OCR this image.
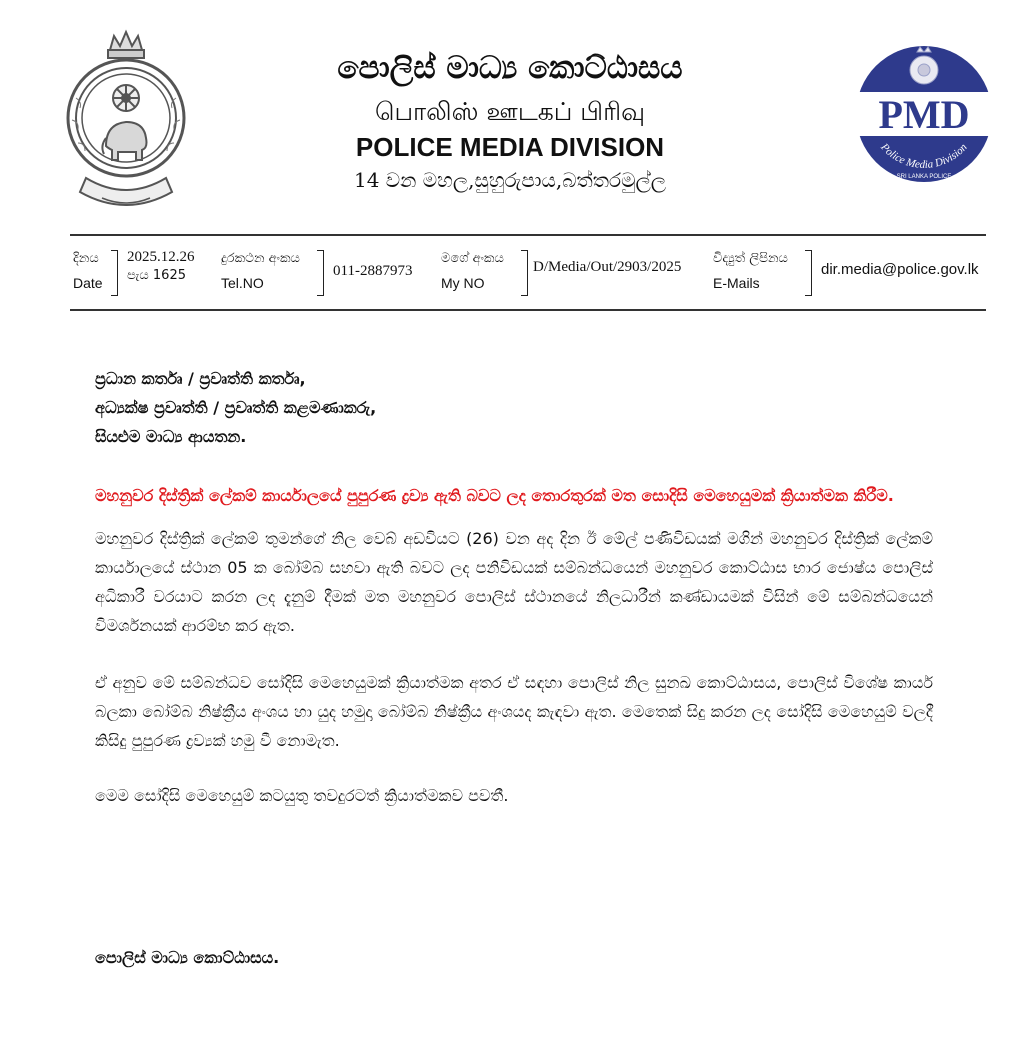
පොලිස් මාධ්‍ය කොට්ඨාසය
பொலிஸ் ஊடகப் பிரிவு
POLICE MEDIA DIVISION
14 වන මහල,සුහුරුපාය,බත්තරමුල්ල
PMD
Police Media Division
SRI LANKA POLICE
දිනය
Date
2025.12.26
පැය 1625
දුරකථන අංකය
Tel.NO
011-2887973
මගේ අංකය
My NO
D/Media/Out/2903/2025
විද්‍යුත් ලිපිනය
E-Mails
dir.media@police.gov.lk
ප්‍රධාන කර්තෘ / ප්‍රවෘත්ති කර්තෘ,
අධ්‍යක්ෂ ප්‍රවෘත්ති / ප්‍රවෘත්ති කළමණාකරු,
සියළුම මාධ්‍ය ආයතන.
මහනුවර දිස්ත්‍රික් ලේකම් කාර්යාලයේ පුපුරණ ද්‍රව්‍ය ඇති බවට ලද තොරතුරක් මත සොදිසි මෙහෙයුමක් ක්‍රියාත්මක කිරීම.
මහනුවර දිස්ත්‍රික් ලේකම් තුමන්ගේ නිල වෙබ් අඩවියට (26) වන අද දින ඊ මේල් පණිවිඩයක් මගින් මහනුවර දිස්ත්‍රික් ලේකම් කාර්යාලයේ ස්ථාන 05 ක බෝම්බ සහවා ඇති බවට ලද පනිවිඩයක් සම්බන්ධයෙන් මහනුවර කොට්ඨාස භාර ජොෂ්ය පොලිස් අධිකාරී වරයාට කරන ලද දැනුම් දීමක් මත මහනුවර පොලිස් ස්ථානයේ නිලධාරීන් කණ්ඩායමක් විසින් මේ සම්බන්ධයෙන් විමර්ශනයක් ආරම්භ කර ඇත.
ඒ අනුව මේ සම්බන්ධව සෝදිසි මෙහෙයුමක් ක්‍රියාත්මක අතර ඒ සඳහා පොලිස් නිල සුනඛ කොට්ඨාසය, පොලිස් විශේෂ කාර්ය බලකා බෝම්බ නිෂ්ක්‍රීය අංශය හා යුද හමුදා බෝම්බ නිෂ්ක්‍රීය අංශයද කැඳවා ඇත. මෙතෙක් සිදු කරන ලද සෝදිසි මෙහෙයුම් වලදී කිසිදු පුපුරණ ද්‍රව්‍යක් හමු වී නොමැත.
මෙම සෝදිසි මෙහෙයුම් කටයුතු තවදුරටත් ක්‍රියාත්මකව පවතී.
පොලිස් මාධ්‍ය කොට්ඨාසය.
